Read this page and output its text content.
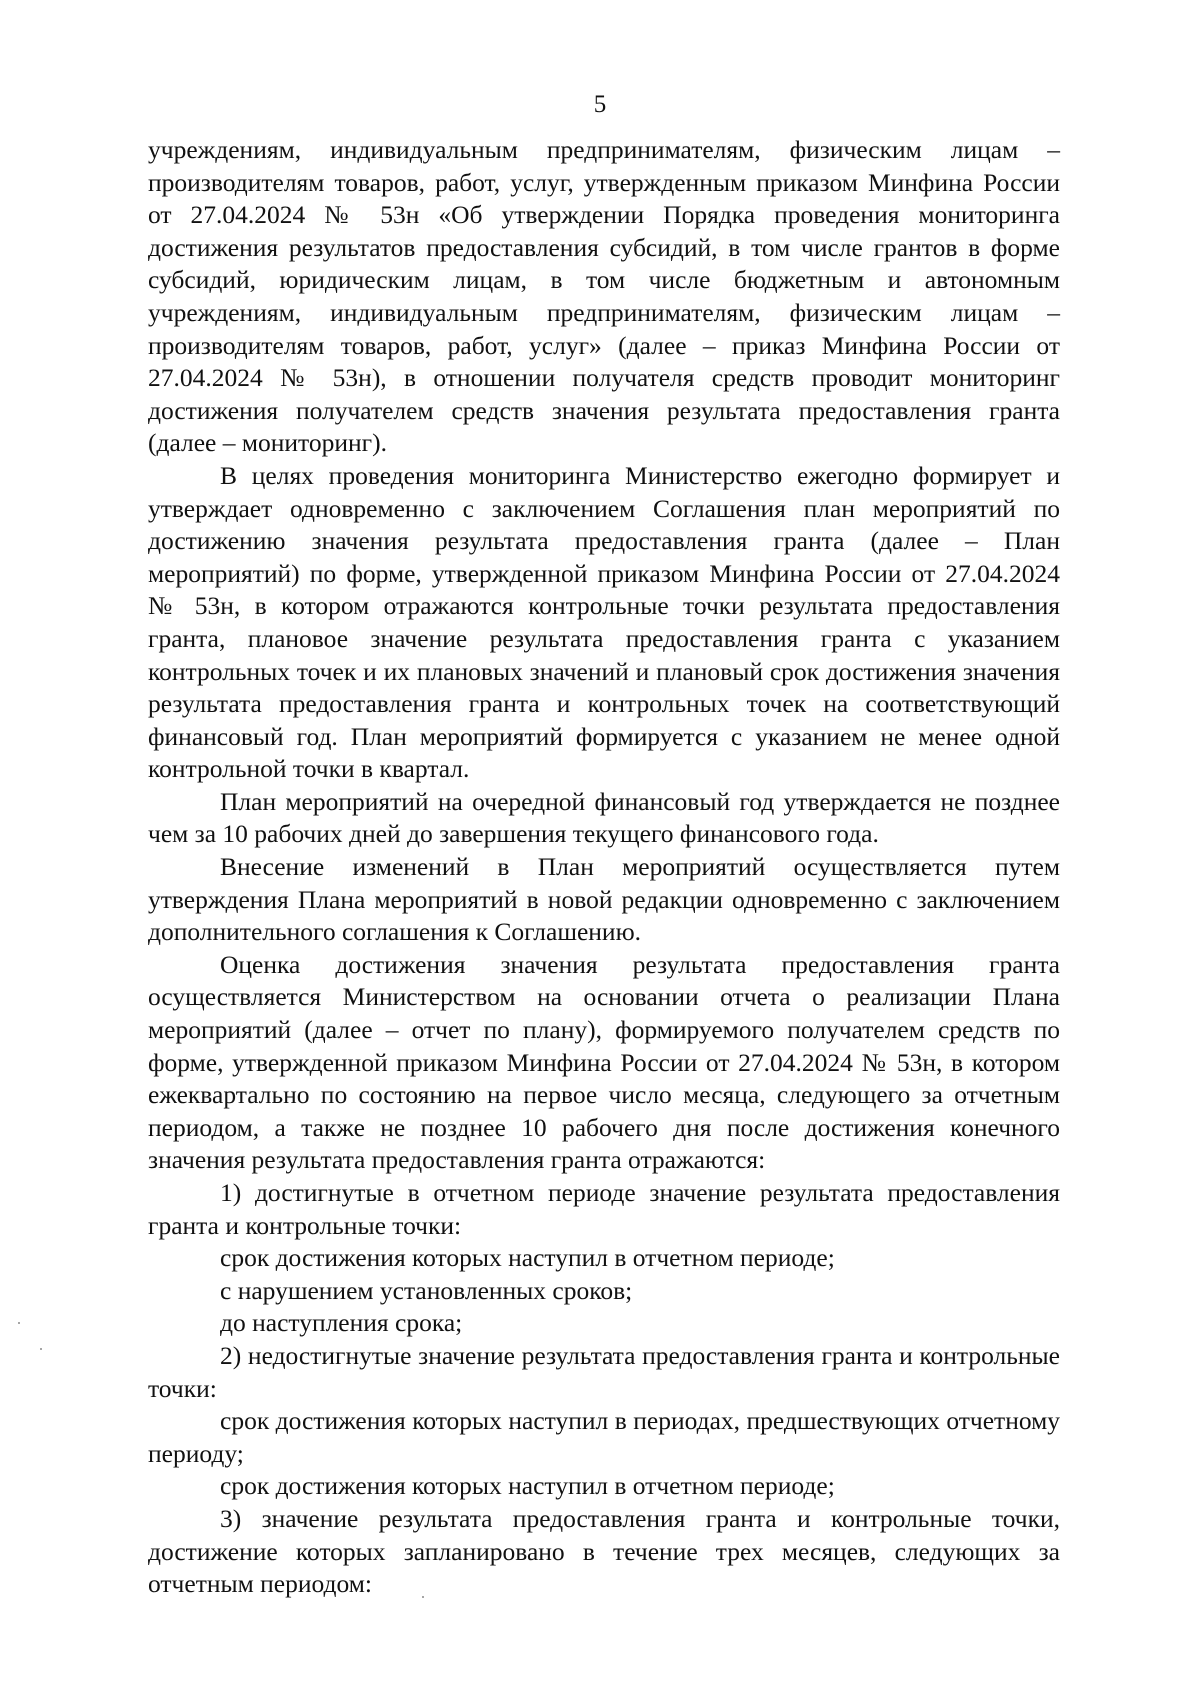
5

учреждениям, индивидуальным предпринимателям, физическим лицам – производителям товаров, работ, услуг, утвержденным приказом Минфина России от 27.04.2024 № 53н «Об утверждении Порядка проведения мониторинга достижения результатов предоставления субсидий, в том числе грантов в форме субсидий, юридическим лицам, в том числе бюджетным и автономным учреждениям, индивидуальным предпринимателям, физическим лицам – производителям товаров, работ, услуг» (далее – приказ Минфина России от 27.04.2024 № 53н), в отношении получателя средств проводит мониторинг достижения получателем средств значения результата предоставления гранта (далее – мониторинг).

В целях проведения мониторинга Министерство ежегодно формирует и утверждает одновременно с заключением Соглашения план мероприятий по достижению значения результата предоставления гранта (далее – План мероприятий) по форме, утвержденной приказом Минфина России от 27.04.2024 № 53н, в котором отражаются контрольные точки результата предоставления гранта, плановое значение результата предоставления гранта с указанием контрольных точек и их плановых значений и плановый срок достижения значения результата предоставления гранта и контрольных точек на соответствующий финансовый год. План мероприятий формируется с указанием не менее одной контрольной точки в квартал.

План мероприятий на очередной финансовый год утверждается не позднее чем за 10 рабочих дней до завершения текущего финансового года.

Внесение изменений в План мероприятий осуществляется путем утверждения Плана мероприятий в новой редакции одновременно с заключением дополнительного соглашения к Соглашению.

Оценка достижения значения результата предоставления гранта осуществляется Министерством на основании отчета о реализации Плана мероприятий (далее – отчет по плану), формируемого получателем средств по форме, утвержденной приказом Минфина России от 27.04.2024 № 53н, в котором ежеквартально по состоянию на первое число месяца, следующего за отчетным периодом, а также не позднее 10 рабочего дня после достижения конечного значения результата предоставления гранта отражаются:

1) достигнутые в отчетном периоде значение результата предоставления гранта и контрольные точки:

срок достижения которых наступил в отчетном периоде;

с нарушением установленных сроков;

до наступления срока;

2) недостигнутые значение результата предоставления гранта и контрольные точки:

срок достижения которых наступил в периодах, предшествующих отчетному периоду;

срок достижения которых наступил в отчетном периоде;

3) значение результата предоставления гранта и контрольные точки, достижение которых запланировано в течение трех месяцев, следующих за отчетным периодом:
